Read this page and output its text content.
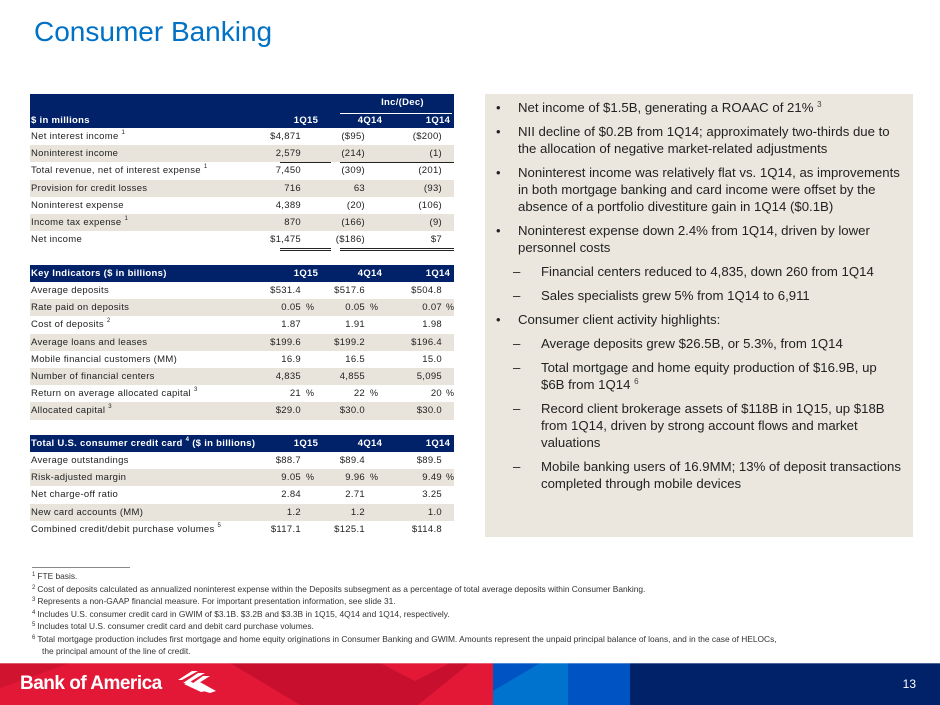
Consumer Banking
Inc/(Dec)
$ in millions	1Q15	4Q14	1Q14
Net interest income $^1$	$4,871	($95)	($200)
Noninterest income	2,579	(214)	(1)
Total revenue, net of interest expense $^1$	7,450	(309)	(201)
Provision for credit losses	716	63	(93)
Noninterest expense	4,389	(20)	(106)
Income tax expense $^1$	870	(166)	(9)
Net income	$1,475	($186)	$7
Key Indicators ($ in billions)	1Q15	4Q14	1Q14
Average deposits	$531.4	$517.6	$504.8
Rate paid on deposits	0.05 %	0.05 %	0.07 %
Cost of deposits $^2$	1.87	1.91	1.98
Average loans and leases	$199.6	$199.2	$196.4
Mobile financial customers (MM)	16.9	16.5	15.0
Number of financial centers	4,835	4,855	5,095
Return on average allocated capital $^3$	21 %	22 %	20 %
Allocated capital $^3$	$29.0	$30.0	$30.0
Total U.S. consumer credit card $^4$ ($ in billions)	1Q15	4Q14	1Q14
Average outstandings	$88.7	$89.4	$89.5
Risk-adjusted margin	9.05 %	9.96 %	9.49 %
Net charge-off ratio	2.84	2.71	3.25
New card accounts (MM)	1.2	1.2	1.0
Combined credit/debit purchase volumes $^5$	$117.1	$125.1	$114.8
• Net income of $1.5B, generating a ROAAC of 21% $^3$
• NII decline of $0.2B from 1Q14; approximately two-thirds due to the allocation of negative market-related adjustments
• Noninterest income was relatively flat vs. 1Q14, as improvements in both mortgage banking and card income were offset by the absence of a portfolio divestiture gain in 1Q14 ($0.1B)
• Noninterest expense down 2.4% from 1Q14, driven by lower personnel costs
– Financial centers reduced to 4,835, down 260 from 1Q14
– Sales specialists grew 5% from 1Q14 to 6,911
• Consumer client activity highlights:
– Average deposits grew $26.5B, or 5.3%, from 1Q14
– Total mortgage and home equity production of $16.9B, up $6B from 1Q14 $^6$
– Record client brokerage assets of $118B in 1Q15, up $18B from 1Q14, driven by strong account flows and market valuations
– Mobile banking users of 16.9MM; 13% of deposit transactions completed through mobile devices
$^1$ FTE basis.
$^2$ Cost of deposits calculated as annualized noninterest expense within the Deposits subsegment as a percentage of total average deposits within Consumer Banking.
$^3$ Represents a non-GAAP financial measure. For important presentation information, see slide 31.
$^4$ Includes U.S. consumer credit card in GWIM of $3.1B. $3.2B and $3.3B in 1Q15, 4Q14 and 1Q14, respectively.
$^5$ Includes total U.S. consumer credit card and debit card purchase volumes.
$^6$ Total mortgage production includes first mortgage and home equity originations in Consumer Banking and GWIM. Amounts represent the unpaid principal balance of loans, and in the case of HELOCs,
the principal amount of the line of credit.
Bank of America	13
